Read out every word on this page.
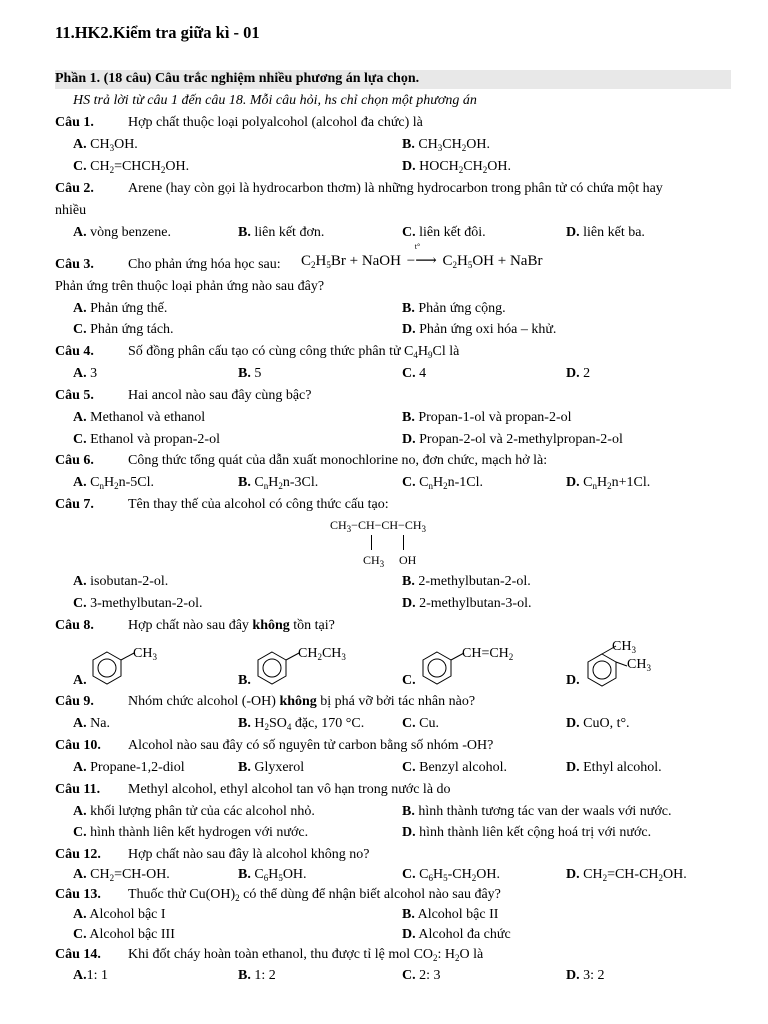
11.HK2.Kiểm tra giữa kì - 01
Phần 1. (18 câu) Câu trắc nghiệm nhiều phương án lựa chọn.
HS trả lời từ câu 1 đến câu 18. Mỗi câu hỏi, hs chỉ chọn một phương án
Câu 1. Hợp chất thuộc loại polyalcohol (alcohol đa chức) là
A. $CH_3OH$.	B. $CH_3CH_2OH$.
C. $CH_2=CHCH_2OH$.	D. $HOCH_2CH_2OH$.
Câu 2. Arene (hay còn gọi là hydrocarbon thơm) là những hydrocarbon trong phân tử có chứa một hay
nhiều
A. vòng benzene.	B. liên kết đơn.	C. liên kết đôi.	D. liên kết ba.
Câu 3. Cho phản ứng hóa học sau: $C_2H_5Br$ + NaOH −⟶
t°
$C_2H_5OH$ + NaBr
Phản ứng trên thuộc loại phản ứng nào sau đây?
A. Phản ứng thế.	B. Phản ứng cộng.
C. Phản ứng tách.	D. Phản ứng oxi hóa – khử.
Câu 4. Số đồng phân cấu tạo có cùng công thức phân tử $C_4H_9Cl$ là
A. 3	B. 5	C. 4	D. 2
Câu 5. Hai ancol nào sau đây cùng bậc?
A. Methanol và ethanol	B. Propan-1-ol và propan-2-ol
C. Ethanol và propan-2-ol	D. Propan-2-ol và 2-methylpropan-2-ol
Câu 6. Công thức tổng quát của dẫn xuất monochlorine no, đơn chức, mạch hở là:
A. $C_nH_2n-5Cl$.	B. $C_nH_2n-3Cl$.	C. $C_nH_2n-1Cl$.	D. $C_nH_2n+1Cl$.
Câu 7. Tên thay thế của alcohol có công thức cấu tạo:
$CH_3-CH-CH-CH_3$
$CH_3$ OH
A. isobutan-2-ol.	B. 2-methylbutan-2-ol.
C. 3-methylbutan-2-ol.	D. 2-methylbutan-3-ol.
Câu 8. Hợp chất nào sau đây không tồn tại?
A.
$CH_3$
B.
$CH_2CH_3$
C.
$CH=CH_2$
D.
$CH_3$
$CH_3$
Câu 9. Nhóm chức alcohol (-OH) không bị phá vỡ bởi tác nhân nào?
A. Na.	B. $H_2SO_4$ đặc, 170 °C.	C. Cu.	D. CuO, t°.
Câu 10. Alcohol nào sau đây có số nguyên tử carbon bằng số nhóm -OH?
A. Propane-1,2-diol	B. Glyxerol	C. Benzyl alcohol.	D. Ethyl alcohol.
Câu 11. Methyl alcohol, ethyl alcohol tan vô hạn trong nước là do
A. khối lượng phân tử của các alcohol nhỏ.	B. hình thành tương tác van der waals với nước.
C. hình thành liên kết hydrogen với nước.	D. hình thành liên kết cộng hoá trị với nước.
Câu 12. Hợp chất nào sau đây là alcohol không no?
A. $CH_2=CH-OH$.	B. $C_6H_5OH$.	C. $C_6H_5-CH_2OH$.	D. $CH_2=CH-CH_2OH$.
Câu 13. Thuốc thử $Cu(OH)_2$ có thể dùng để nhận biết alcohol nào sau đây?
A. Alcohol bậc I	B. Alcohol bậc II
C. Alcohol bậc III	D. Alcohol đa chức
Câu 14. Khi đốt cháy hoàn toàn ethanol, thu được tỉ lệ mol $CO_2$: $H_2O$ là
A.1: 1	B. 1: 2	C. 2: 3	D. 3: 2
